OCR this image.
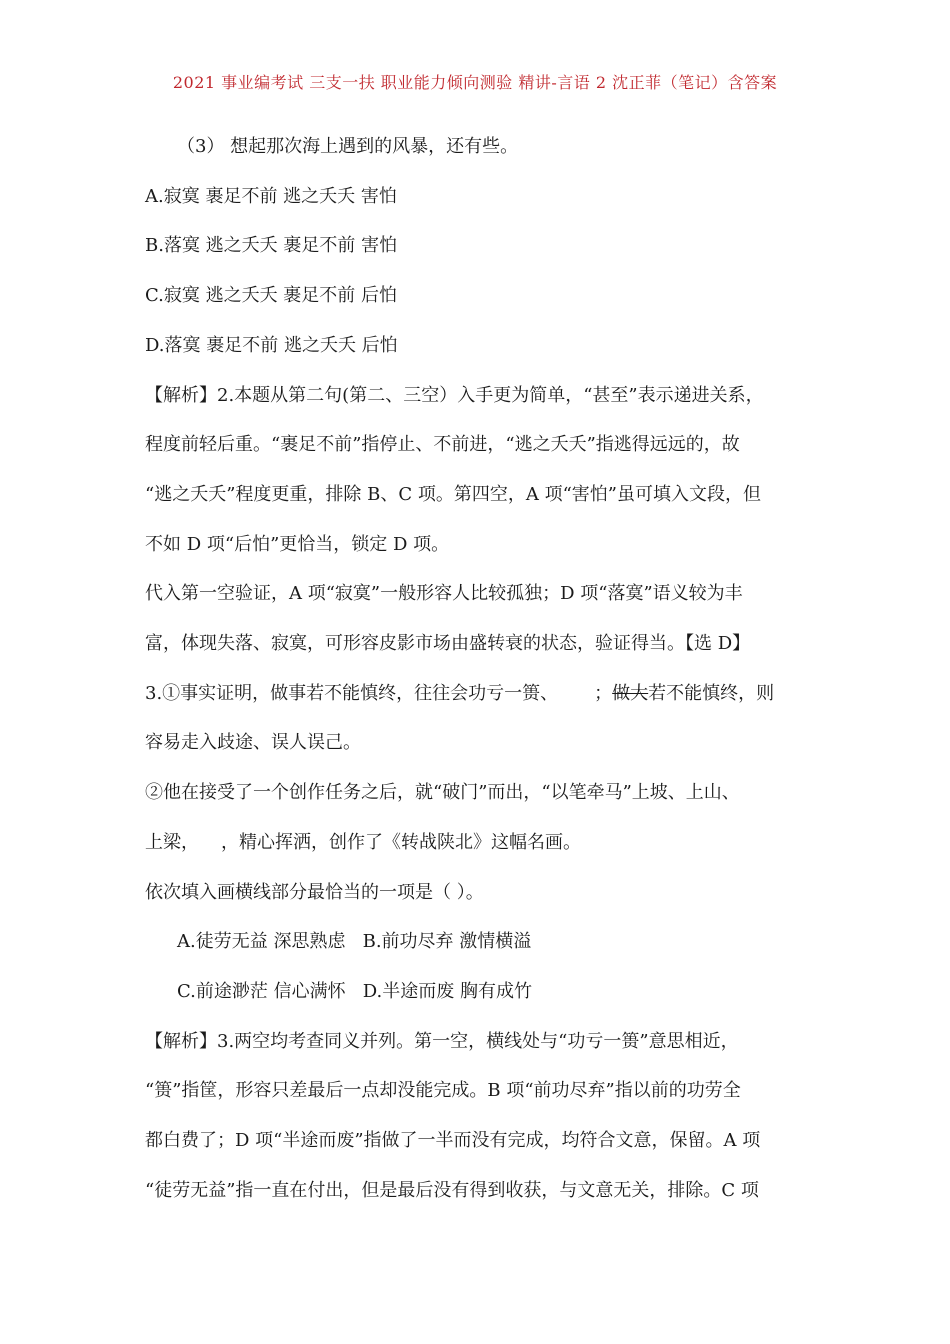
2021 事业编考试 三支一扶 职业能力倾向测验 精讲-言语 2 沈正菲（笔记）含答案
（3） 想起那次海上遇到的风暴，还有些。
A.寂寞 裹足不前 逃之夭夭 害怕
B.落寞 逃之夭夭 裹足不前 害怕
C.寂寞 逃之夭夭 裹足不前 后怕
D.落寞 裹足不前 逃之夭夭 后怕
【解析】2.本题从第二句(第二、三空）入手更为简单，“甚至”表示递进关系，
程度前轻后重。“裹足不前”指停止、不前进，“逃之夭夭”指逃得远远的，故
“逃之夭夭”程度更重，排除 B、C 项。第四空，A 项“害怕”虽可填入文段，但
不如 D 项“后怕”更恰当，锁定 D 项。
代入第一空验证，A 项“寂寞”一般形容人比较孤独；D 项“落寞”语义较为丰
富，体现失落、寂寞，可形容皮影市场由盛转衰的状态，验证得当。【选 D】
3.①事实证明，做事若不能慎终，往往会功亏一篑、 ；做大若不能慎终，则
容易走入歧途、误人误己。
②他在接受了一个创作任务之后，就“破门”而出，“以笔牵马”上坡、上山、
上梁， ，精心挥洒，创作了《转战陕北》这幅名画。
依次填入画横线部分最恰当的一项是（ ）。
A.徒劳无益 深思熟虑   B.前功尽弃 激情横溢
C.前途渺茫 信心满怀   D.半途而废 胸有成竹
【解析】3.两空均考查同义并列。第一空，横线处与“功亏一篑”意思相近，
“篑”指筐，形容只差最后一点却没能完成。B 项“前功尽弃”指以前的功劳全
都白费了；D 项“半途而废”指做了一半而没有完成，均符合文意，保留。A 项
“徒劳无益”指一直在付出，但是最后没有得到收获，与文意无关，排除。C 项
